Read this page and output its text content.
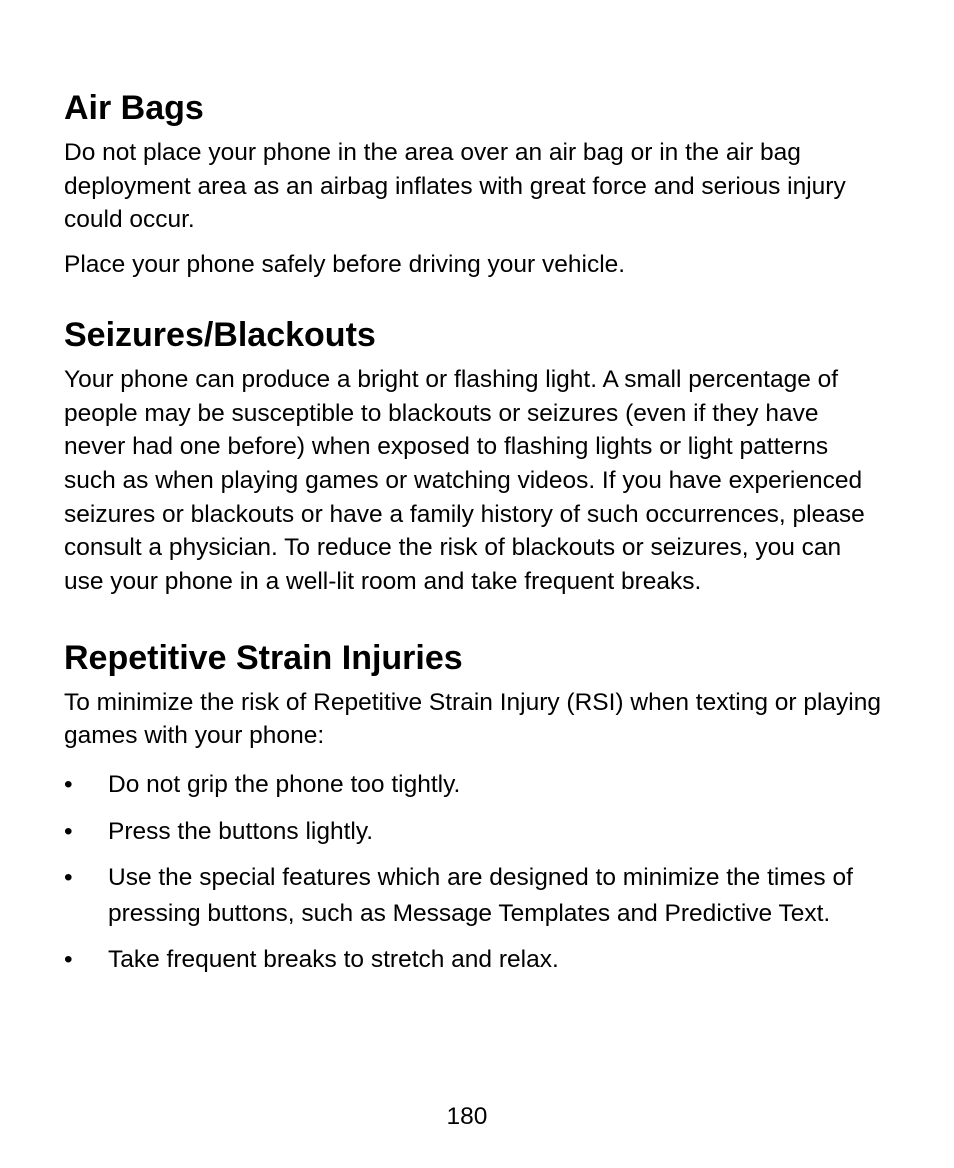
Air Bags

Do not place your phone in the area over an air bag or in the air bag deployment area as an airbag inflates with great force and serious injury could occur.

Place your phone safely before driving your vehicle.

Seizures/Blackouts

Your phone can produce a bright or flashing light. A small percentage of people may be susceptible to blackouts or seizures (even if they have never had one before) when exposed to flashing lights or light patterns such as when playing games or watching videos. If you have experienced seizures or blackouts or have a family history of such occurrences, please consult a physician. To reduce the risk of blackouts or seizures, you can use your phone in a well-lit room and take frequent breaks.

Repetitive Strain Injuries

To minimize the risk of Repetitive Strain Injury (RSI) when texting or playing games with your phone:

• Do not grip the phone too tightly.
• Press the buttons lightly.
• Use the special features which are designed to minimize the times of pressing buttons, such as Message Templates and Predictive Text.
• Take frequent breaks to stretch and relax.
180
